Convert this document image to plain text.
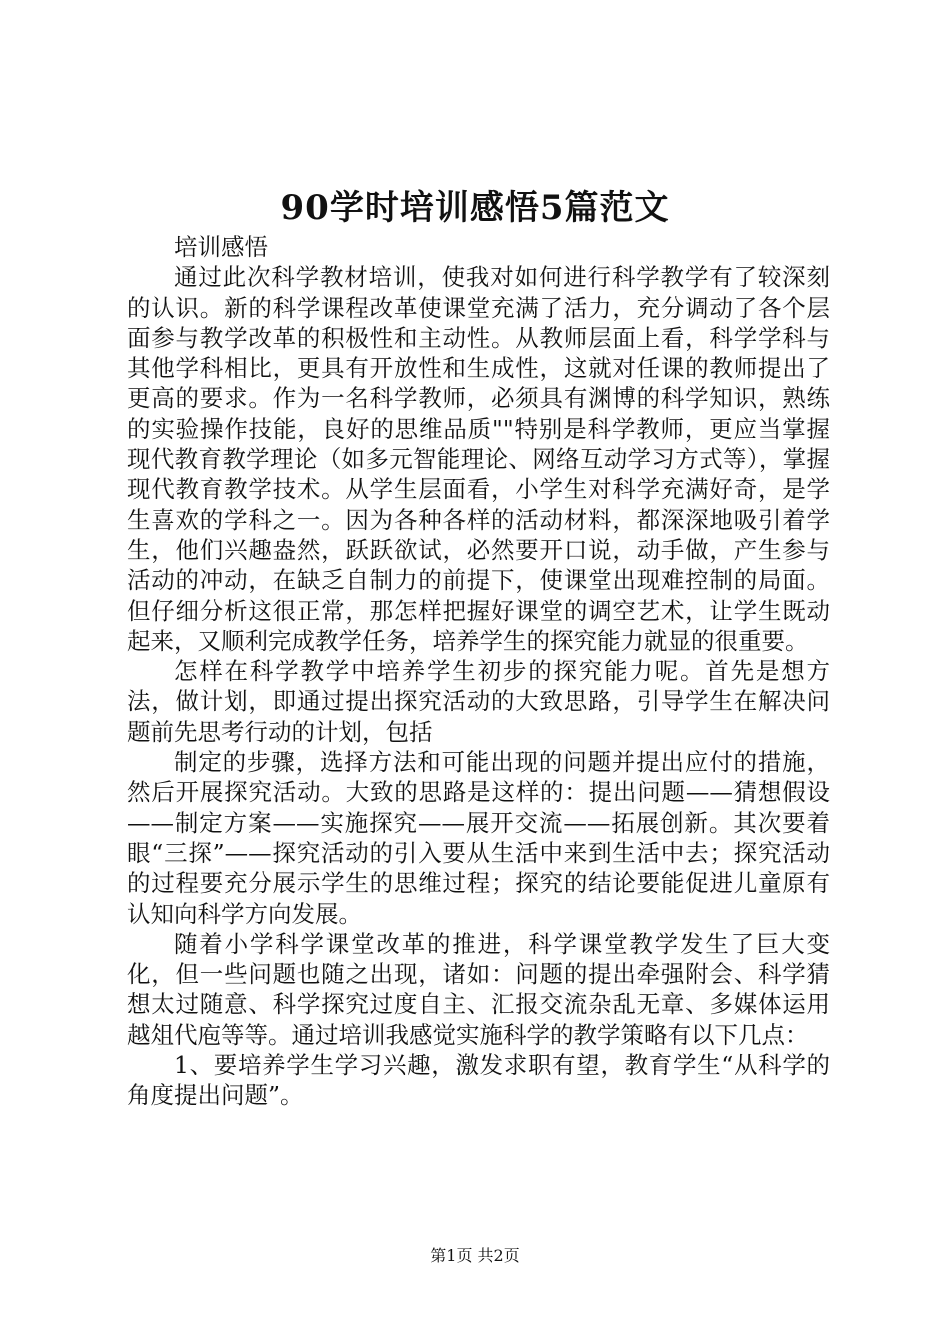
90学时培训感悟5篇范文

培训感悟

通过此次科学教材培训，使我对如何进行科学教学有了较深刻的认识。新的科学课程改革使课堂充满了活力，充分调动了各个层面参与教学改革的积极性和主动性。从教师层面上看，科学学科与其他学科相比，更具有开放性和生成性，这就对任课的教师提出了更高的要求。作为一名科学教师，必须具有渊博的科学知识，熟练的实验操作技能，良好的思维品质""特别是科学教师，更应当掌握现代教育教学理论（如多元智能理论、网络互动学习方式等），掌握现代教育教学技术。从学生层面看，小学生对科学充满好奇，是学生喜欢的学科之一。因为各种各样的活动材料，都深深地吸引着学生，他们兴趣盎然，跃跃欲试，必然要开口说，动手做，产生参与活动的冲动，在缺乏自制力的前提下，使课堂出现难控制的局面。但仔细分析这很正常，那怎样把握好课堂的调空艺术，让学生既动起来，又顺利完成教学任务，培养学生的探究能力就显的很重要。

怎样在科学教学中培养学生初步的探究能力呢。首先是想方法，做计划，即通过提出探究活动的大致思路，引导学生在解决问题前先思考行动的计划，包括

制定的步骤，选择方法和可能出现的问题并提出应付的措施，然后开展探究活动。大致的思路是这样的：提出问题——猜想假设——制定方案——实施探究——展开交流——拓展创新。其次要着眼“三探”——探究活动的引入要从生活中来到生活中去；探究活动的过程要充分展示学生的思维过程；探究的结论要能促进儿童原有认知向科学方向发展。

随着小学科学课堂改革的推进，科学课堂教学发生了巨大变化，但一些问题也随之出现，诸如：问题的提出牵强附会、科学猜想太过随意、科学探究过度自主、汇报交流杂乱无章、多媒体运用越俎代庖等等。通过培训我感觉实施科学的教学策略有以下几点：

1、要培养学生学习兴趣，激发求职有望，教育学生“从科学的角度提出问题”。

第1页 共2页
